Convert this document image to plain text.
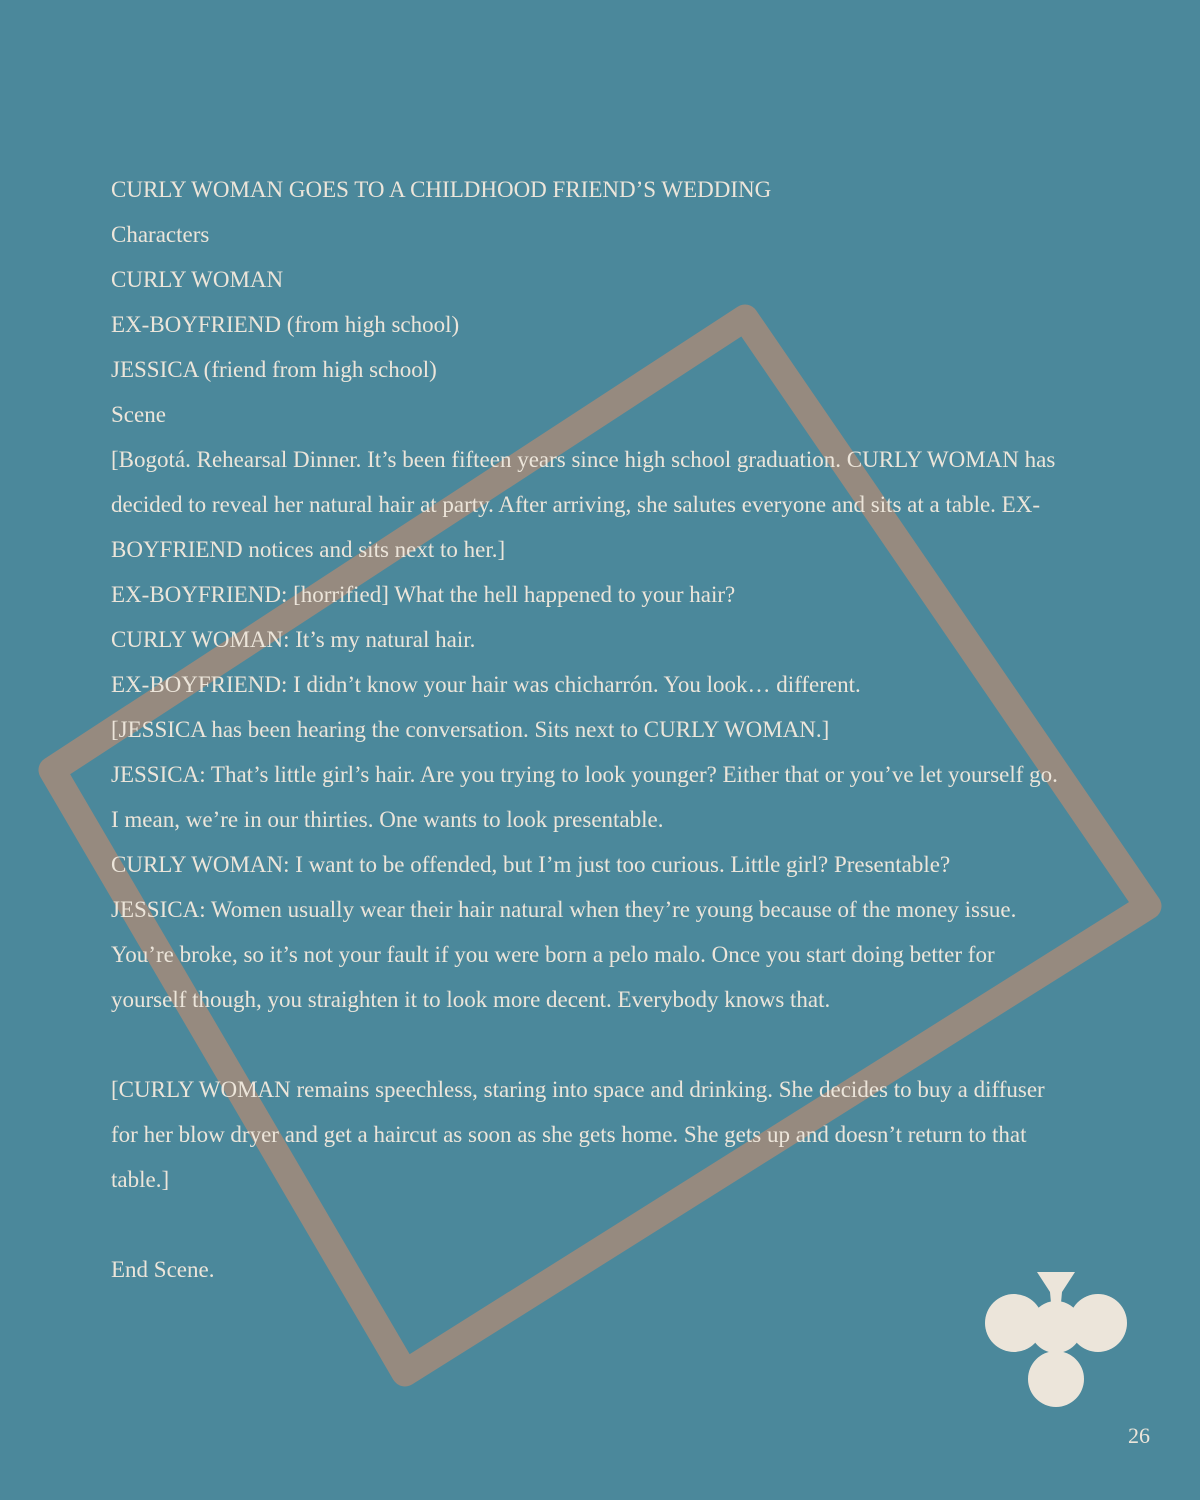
CURLY WOMAN GOES TO A CHILDHOOD FRIEND’S WEDDING
Characters
CURLY WOMAN
EX-BOYFRIEND (from high school)
JESSICA (friend from high school)
Scene
[Bogotá. Rehearsal Dinner. It’s been fifteen years since high school graduation. CURLY WOMAN has decided to reveal her natural hair at party. After arriving, she salutes everyone and sits at a table. EX-BOYFRIEND notices and sits next to her.]
EX-BOYFRIEND: [horrified] What the hell happened to your hair?
CURLY WOMAN: It’s my natural hair.
EX-BOYFRIEND: I didn’t know your hair was chicharrón. You look… different.
[JESSICA has been hearing the conversation. Sits next to CURLY WOMAN.]
JESSICA: That’s little girl’s hair. Are you trying to look younger? Either that or you’ve let yourself go. I mean, we’re in our thirties. One wants to look presentable.
CURLY WOMAN: I want to be offended, but I’m just too curious. Little girl? Presentable?
JESSICA: Women usually wear their hair natural when they’re young because of the money issue. You’re broke, so it’s not your fault if you were born a pelo malo. Once you start doing better for yourself though, you straighten it to look more decent. Everybody knows that.
[CURLY WOMAN remains speechless, staring into space and drinking. She decides to buy a diffuser for her blow dryer and get a haircut as soon as she gets home. She gets up and doesn’t return to that table.]
End Scene.
26
